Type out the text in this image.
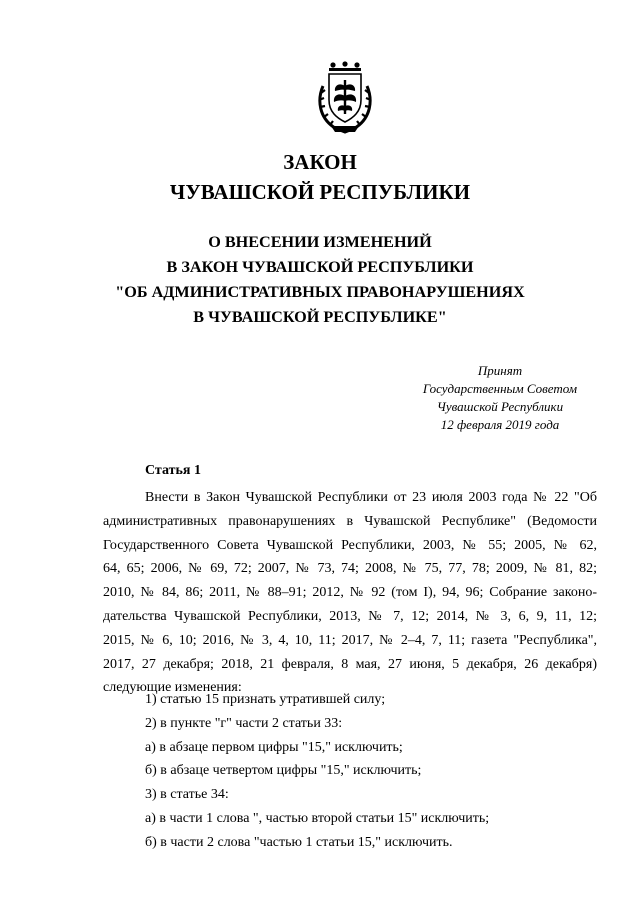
ЗАКОН
ЧУВАШСКОЙ РЕСПУБЛИКИ
О ВНЕСЕНИИ ИЗМЕНЕНИЙ
В ЗАКОН ЧУВАШСКОЙ РЕСПУБЛИКИ
"ОБ АДМИНИСТРАТИВНЫХ ПРАВОНАРУШЕНИЯХ
В ЧУВАШСКОЙ РЕСПУБЛИКЕ"
Принят
Государственным Советом
Чувашской Республики
12 февраля 2019 года
Статья 1
Внести в Закон Чувашской Республики от 23 июля 2003 года № 22 "Об
административных правонарушениях в Чувашской Республике" (Ведомости
Государственного Совета Чувашской Республики, 2003, № 55; 2005, № 62,
64, 65; 2006, № 69, 72; 2007, № 73, 74; 2008, № 75, 77, 78; 2009, № 81, 82;
2010, № 84, 86; 2011, № 88–91; 2012, № 92 (том I), 94, 96; Собрание законо-
дательства Чувашской Республики, 2013, № 7, 12; 2014, № 3, 6, 9, 11, 12;
2015, № 6, 10; 2016, № 3, 4, 10, 11; 2017, № 2–4, 7, 11; газета "Республика",
2017, 27 декабря; 2018, 21 февраля, 8 мая, 27 июня, 5 декабря, 26 декабря)
следующие изменения:
1) статью 15 признать утратившей силу;
2) в пункте "г" части 2 статьи 33:
а) в абзаце первом цифры "15," исключить;
б) в абзаце четвертом цифры "15," исключить;
3) в статье 34:
а) в части 1 слова ", частью второй статьи 15" исключить;
б) в части 2 слова "частью 1 статьи 15," исключить.
